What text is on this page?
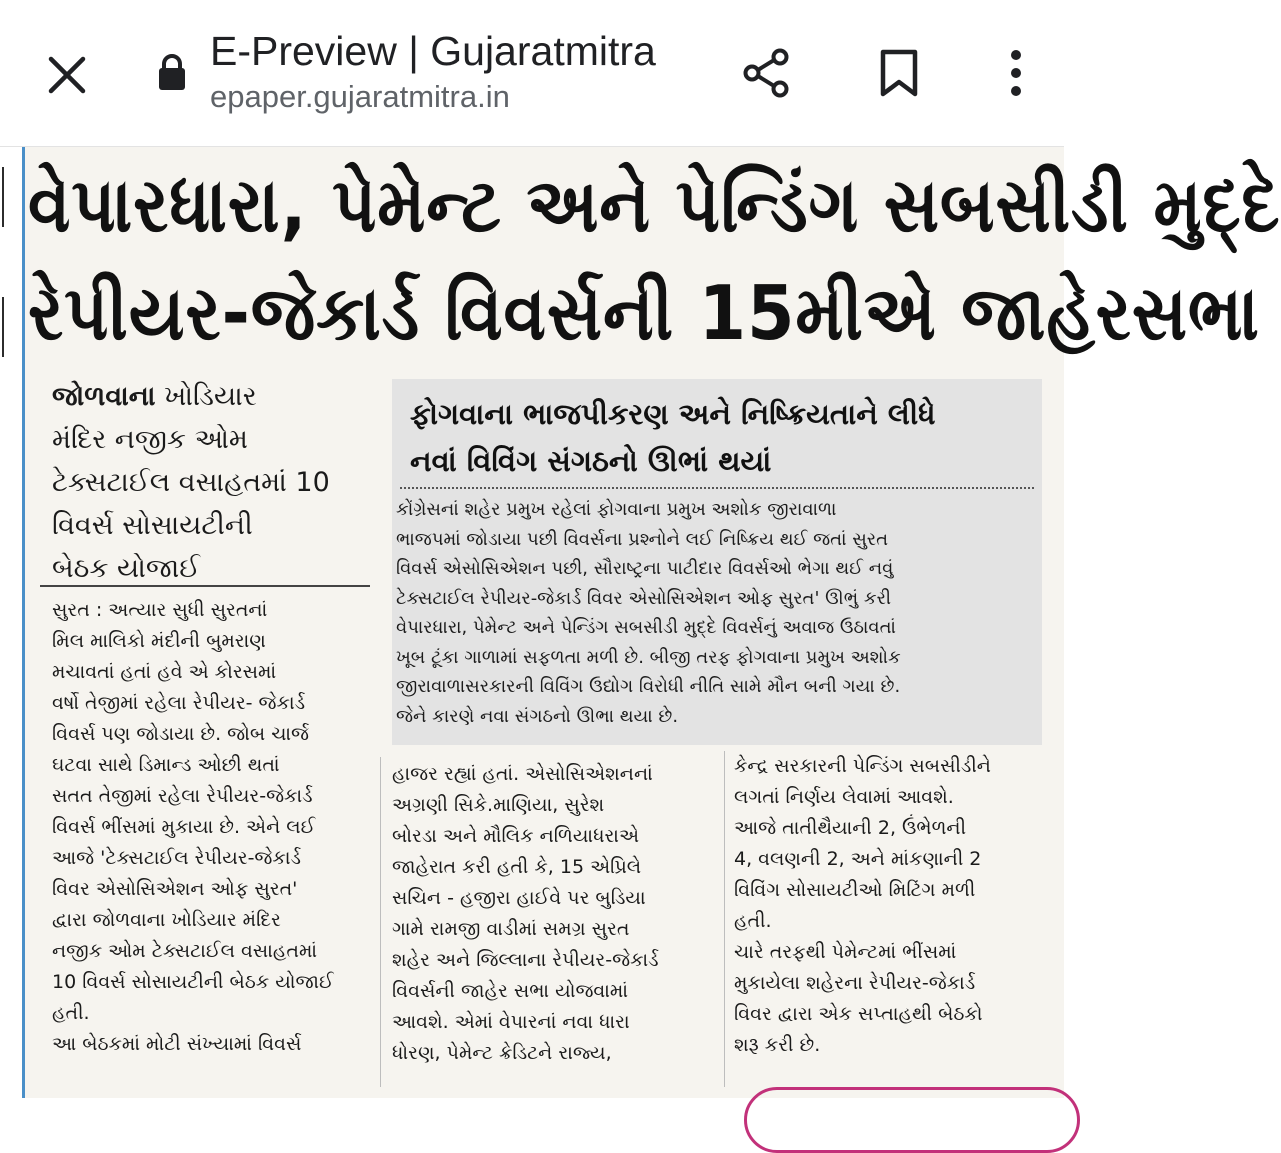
E-Preview | Gujaratmitra
epaper.gujaratmitra.in
વેપારધારા, પેમેન્ટ અને પેન્ડિંગ સબસીડી મુદ્દે
રેપીયર-જેકાર્ડ વિવર્સની 15મીએ જાહેરસભા
જોળવાના ખોડિયાર
મંદિર નજીક ઓમ
ટેક્સટાઈલ વસાહતમાં 10
વિવર્સ સોસાયટીની
બેઠક યોજાઈ
ફોગવાના ભાજપીકરણ અને નિષ્ક્રિયતાને લીધે
નવાં વિવિંગ સંગઠનો ઊભાં થયાં
કોંગ્રેસનાં શહેર પ્રમુખ રહેલાં ફોગવાના પ્રમુખ અશોક જીરાવાળા
ભાજપમાં જોડાયા પછી વિવર્સના પ્રશ્નોને લઈ નિષ્ક્રિય થઈ જતાં સુરત
વિવર્સ એસોસિએશન પછી, સૌરાષ્ટ્રના પાટીદાર વિવર્સઓ ભેગા થઈ નવું
ટેક્સટાઈલ રેપીયર-જેકાર્ડ વિવર એસોસિએશન ઓફ સુરત' ઊભું કરી
વેપારધારા, પેમેન્ટ અને પેન્ડિંગ સબસીડી મુદ્દે વિવર્સનું અવાજ ઉઠાવતાં
ખૂબ ટૂંકા ગાળામાં સફળતા મળી છે. બીજી તરફ ફોગવાના પ્રમુખ અશોક
જીરાવાળાસરકારની વિવિંગ ઉદ્યોગ વિરોધી નીતિ સામે મૌન બની ગયા છે.
જેને કારણે નવા સંગઠનો ઊભા થયા છે.
સુરત : અત્યાર સુધી સુરતનાં
મિલ માલિકો મંદીની બુમરાણ
મચાવતાં હતાં હવે એ કોરસમાં
વર્ષો તેજીમાં રહેલા રેપીયર- જેકાર્ડ
વિવર્સ પણ જોડાયા છે. જોબ ચાર્જ
ઘટવા સાથે ડિમાન્ડ ઓછી થતાં
સતત તેજીમાં રહેલા રેપીયર-જેકાર્ડ
વિવર્સ ભીંસમાં મુકાયા છે. એને લઈ
આજે 'ટેક્સટાઈલ રેપીયર-જેકાર્ડ
વિવર એસોસિએશન ઓફ સુરત'
દ્વારા જોળવાના ખોડિયાર મંદિર
નજીક ઓમ ટેક્સટાઈલ વસાહતમાં
10 વિવર્સ સોસાયટીની બેઠક યોજાઈ
હતી.
આ બેઠકમાં મોટી સંખ્યામાં વિવર્સ
હાજર રહ્યાં હતાં. એસોસિએશનનાં
અગ્રણી સિકે.માણિયા, સુરેશ
બોરડા અને મૌલિક નળિયાધરાએ
જાહેરાત કરી હતી કે, 15 એપ્રિલે
સચિન - હજીરા હાઈવે પર બુડિયા
ગામે રામજી વાડીમાં સમગ્ર સુરત
શહેર અને જિલ્લાના રેપીયર-જેકાર્ડ
વિવર્સની જાહેર સભા યોજવામાં
આવશે. એમાં વેપારનાં નવા ધારા
ધોરણ, પેમેન્ટ ક્રેડિટને રાજ્ય,
કેન્દ્ર સરકારની પેન્ડિંગ સબસીડીને
લગતાં નિર્ણય લેવામાં આવશે.
આજે તાતીથૈયાની 2, ઉંભેળની
4, વલણની 2, અને માંકણાની 2
વિવિંગ સોસાયટીઓ મિટિંગ મળી
હતી.
ચારે તરફથી પેમેન્ટમાં ભીંસમાં
મુકાયેલા શહેરના રેપીયર-જેકાર્ડ
વિવર દ્વારા એક સપ્તાહથી બેઠકો
શરૂ કરી છે.
